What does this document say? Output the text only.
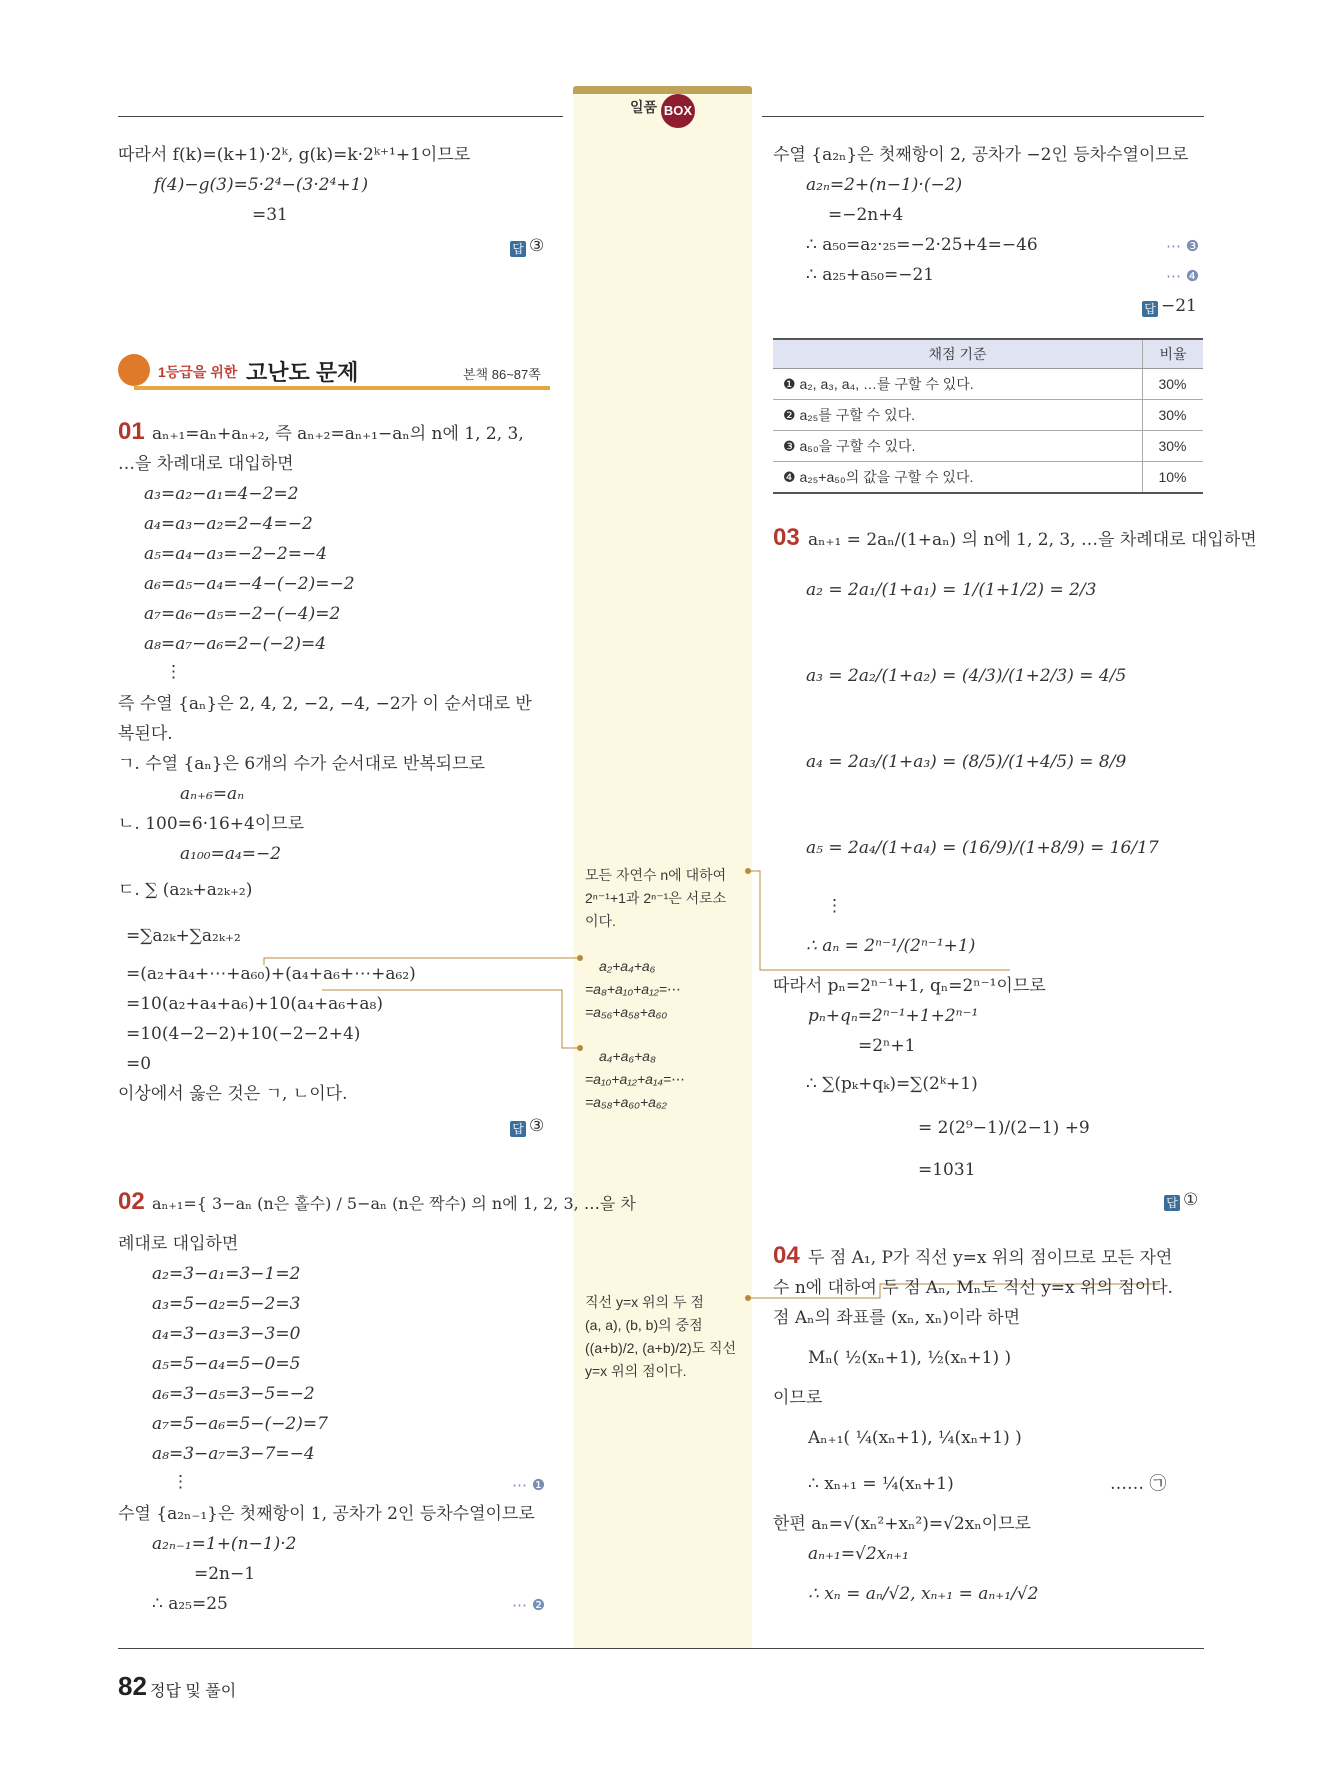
일품 BOX
따라서 f(k)=(k+1)·2ᵏ, g(k)=k·2ᵏ⁺¹+1이므로
f(4)−g(3)=5·2⁴−(3·2⁴+1)
=31
답 ③
1등급을 위한 고난도 문제	본책 86~87쪽
01 aₙ₊₁=aₙ+aₙ₊₂, 즉 aₙ₊₂=aₙ₊₁−aₙ의 n에 1, 2, 3,
…을 차례대로 대입하면
a₃=a₂−a₁=4−2=2
a₄=a₃−a₂=2−4=−2
a₅=a₄−a₃=−2−2=−4
a₆=a₅−a₄=−4−(−2)=−2
a₇=a₆−a₅=−2−(−4)=2
a₈=a₇−a₆=2−(−2)=4
⋮
즉 수열 {aₙ}은 2, 4, 2, −2, −4, −2가 이 순서대로 반
복된다.
ㄱ. 수열 {aₙ}은 6개의 수가 순서대로 반복되므로
aₙ₊₆=aₙ
ㄴ. 100=6·16+4이므로
a₁₀₀=a₄=−2
ㄷ. ∑ (a₂ₖ+a₂ₖ₊₂)
=∑a₂ₖ+∑a₂ₖ₊₂
=(a₂+a₄+⋯+a₆₀)+(a₄+a₆+⋯+a₆₂)
=10(a₂+a₄+a₆)+10(a₄+a₆+a₈)
=10(4−2−2)+10(−2−2+4)
=0
이상에서 옳은 것은 ㄱ, ㄴ이다.
답 ③
02 aₙ₊₁={ 3−aₙ (n은 홀수) / 5−aₙ (n은 짝수) 의 n에 1, 2, 3, …을 차
례대로 대입하면
a₂=3−a₁=3−1=2
a₃=5−a₂=5−2=3
a₄=3−a₃=3−3=0
a₅=5−a₄=5−0=5
a₆=3−a₅=3−5=−2
a₇=5−a₆=5−(−2)=7
a₈=3−a₇=3−7=−4
⋮	⋯ ❶
수열 {a₂ₙ₋₁}은 첫째항이 1, 공차가 2인 등차수열이므로
a₂ₙ₋₁=1+(n−1)·2
=2n−1
∴ a₂₅=25	⋯ ❷
모든 자연수 n에 대하여
2ⁿ⁻¹+1과 2ⁿ⁻¹은 서로소
이다.
a₂+a₄+a₆
=a₈+a₁₀+a₁₂=⋯
=a₅₆+a₅₈+a₆₀
a₄+a₆+a₈
=a₁₀+a₁₂+a₁₄=⋯
=a₅₈+a₆₀+a₆₂
직선 y=x 위의 두 점
(a, a), (b, b)의 중점
((a+b)/2, (a+b)/2)도 직선
y=x 위의 점이다.
수열 {a₂ₙ}은 첫째항이 2, 공차가 −2인 등차수열이므로
a₂ₙ=2+(n−1)·(−2)
=−2n+4
∴ a₅₀=a₂·₂₅=−2·25+4=−46	⋯ ❸
∴ a₂₅+a₅₀=−21	⋯ ❹
답 −21
채점 기준	비율
❶ a₂, a₃, a₄, …를 구할 수 있다.	30%
❷ a₂₅를 구할 수 있다.	30%
❸ a₅₀을 구할 수 있다.	30%
❹ a₂₅+a₅₀의 값을 구할 수 있다.	10%
03 aₙ₊₁ = 2aₙ/(1+aₙ) 의 n에 1, 2, 3, …을 차례대로 대입하면
a₂ = 2a₁/(1+a₁) = 1/(1+1/2) = 2/3
a₃ = 2a₂/(1+a₂) = (4/3)/(1+2/3) = 4/5
a₄ = 2a₃/(1+a₃) = (8/5)/(1+4/5) = 8/9
a₅ = 2a₄/(1+a₄) = (16/9)/(1+8/9) = 16/17
⋮
∴ aₙ = 2ⁿ⁻¹/(2ⁿ⁻¹+1)
따라서 pₙ=2ⁿ⁻¹+1, qₙ=2ⁿ⁻¹이므로
pₙ+qₙ=2ⁿ⁻¹+1+2ⁿ⁻¹
=2ⁿ+1
∴ ∑(pₖ+qₖ)=∑(2ᵏ+1)
= 2(2⁹−1)/(2−1) +9
=1031
답 ①
04 두 점 A₁, P가 직선 y=x 위의 점이므로 모든 자연
수 n에 대하여 두 점 Aₙ, Mₙ도 직선 y=x 위의 점이다.
점 Aₙ의 좌표를 (xₙ, xₙ)이라 하면
Mₙ( ½(xₙ+1), ½(xₙ+1) )
이므로
Aₙ₊₁( ¼(xₙ+1), ¼(xₙ+1) )
∴ xₙ₊₁ = ¼(xₙ+1)	…… ㉠
한편 aₙ=√(xₙ²+xₙ²)=√2xₙ이므로
aₙ₊₁=√2xₙ₊₁
∴ xₙ = aₙ/√2, xₙ₊₁ = aₙ₊₁/√2
82 정답 및 풀이
